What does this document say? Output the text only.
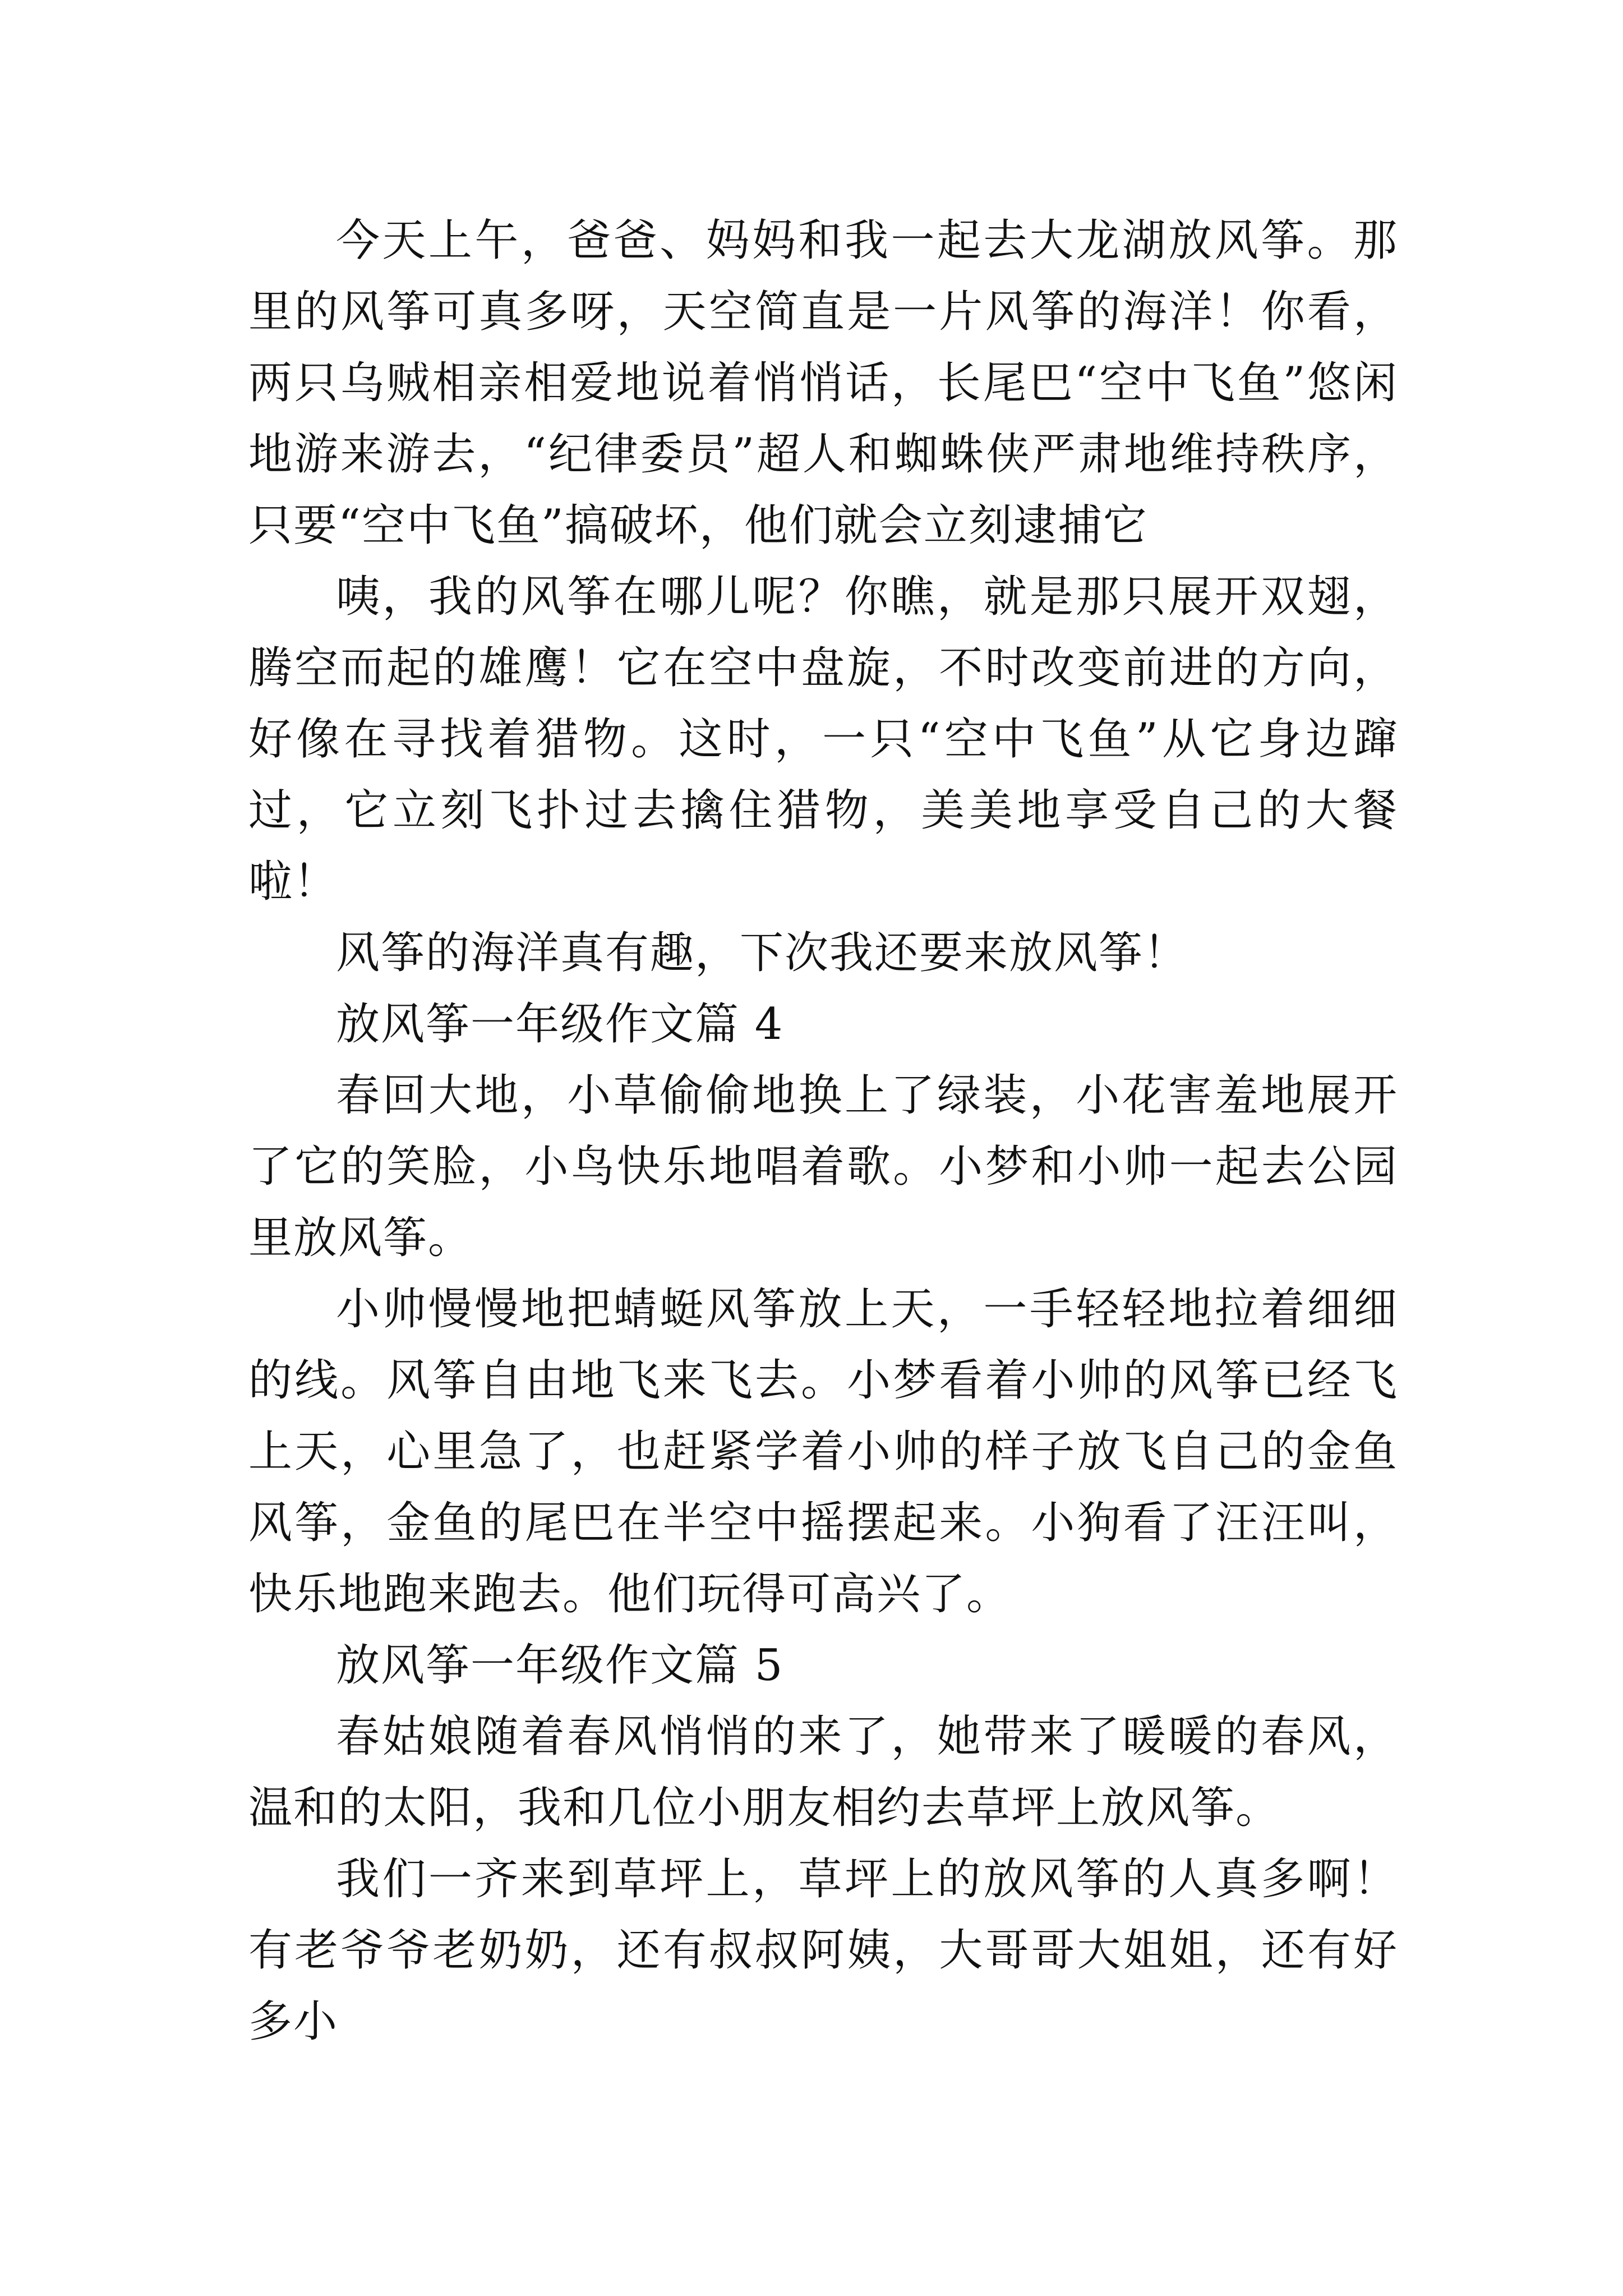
今天上午，爸爸、妈妈和我一起去大龙湖放风筝。那里的风筝可真多呀，天空简直是一片风筝的海洋！你看，两只乌贼相亲相爱地说着悄悄话，长尾巴“空中飞鱼”悠闲地游来游去，“纪律委员”超人和蜘蛛侠严肃地维持秩序，只要“空中飞鱼”搞破坏，他们就会立刻逮捕它

咦，我的风筝在哪儿呢？你瞧，就是那只展开双翅，腾空而起的雄鹰！它在空中盘旋，不时改变前进的方向，好像在寻找着猎物。这时，一只“空中飞鱼”从它身边蹿过，它立刻飞扑过去擒住猎物，美美地享受自己的大餐啦！

风筝的海洋真有趣，下次我还要来放风筝！

放风筝一年级作文篇 4

春回大地，小草偷偷地换上了绿装，小花害羞地展开了它的笑脸，小鸟快乐地唱着歌。小梦和小帅一起去公园里放风筝。

小帅慢慢地把蜻蜓风筝放上天，一手轻轻地拉着细细的线。风筝自由地飞来飞去。小梦看着小帅的风筝已经飞上天，心里急了，也赶紧学着小帅的样子放飞自己的金鱼风筝，金鱼的尾巴在半空中摇摆起来。小狗看了汪汪叫，快乐地跑来跑去。他们玩得可高兴了。

放风筝一年级作文篇 5

春姑娘随着春风悄悄的来了，她带来了暖暖的春风，温和的太阳，我和几位小朋友相约去草坪上放风筝。

我们一齐来到草坪上，草坪上的放风筝的人真多啊！有老爷爷老奶奶，还有叔叔阿姨，大哥哥大姐姐，还有好多小
